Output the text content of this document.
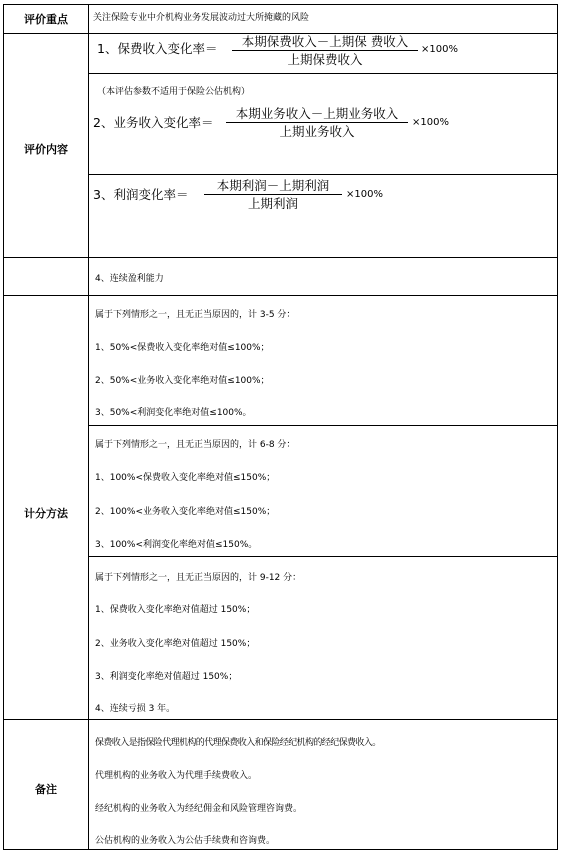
评价重点
评价内容
计分方法
备注
关注保险专业中介机构业务发展波动过大所掩藏的风险
1、保费收入变化率＝	本期保费收入－上期保 费收入
上期保费收入
×100%
（本评估参数不适用于保险公估机构）
2、业务收入变化率＝
本期业务收入－上期业务收入
上期业务收入
×100%
3、利润变化率＝
本期利润－上期利润
上期利润
×100%
4、连续盈利能力
属于下列情形之一，且无正当原因的，计 3-5 分：
1、50%<保费收入变化率绝对值≤100%；
2、50%<业务收入变化率绝对值≤100%；
3、50%<利润变化率绝对值≤100%。
属于下列情形之一，且无正当原因的，计 6-8 分：
1、100%<保费收入变化率绝对值≤150%；
2、100%<业务收入变化率绝对值≤150%；
3、100%<利润变化率绝对值≤150%。
属于下列情形之一，且无正当原因的，计 9-12 分：
1、保费收入变化率绝对值超过 150%；
2、业务收入变化率绝对值超过 150%；
3、利润变化率绝对值超过 150%；
4、连续亏损 3 年。
保费收入是指保险代理机构的代理保费收入和保险经纪机构的经纪保费收入。
代理机构的业务收入为代理手续费收入。
经纪机构的业务收入为经纪佣金和风险管理咨询费。
公估机构的业务收入为公估手续费和咨询费。
